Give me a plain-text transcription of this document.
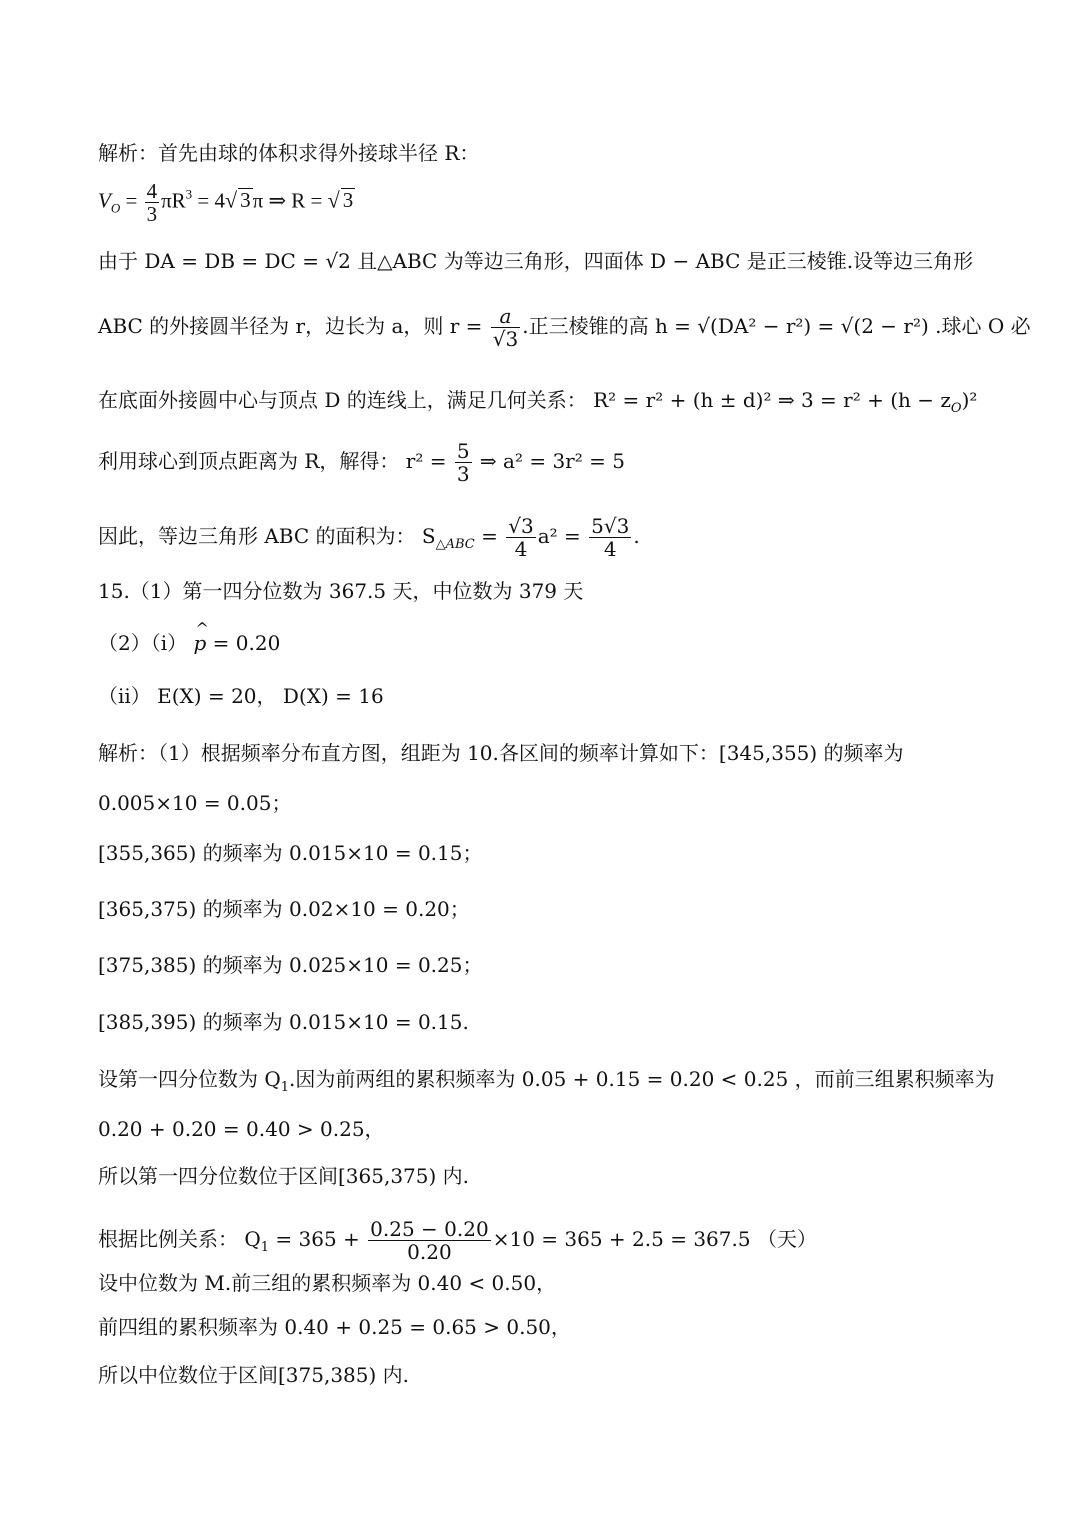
解析：首先由球的体积求得外接球半径 R：
$V_O = \frac{4}{3} \pi R^3 = 4√$ 3π ⇒ R = √ 3
由于 DA = DB = DC = √2 且△ABC 为等边三角形，四面体 D − ABC 是正三棱锥.设等边三角形
ABC 的外接圆半径为 r，边长为 a，则 $r = \frac{a}{√3}$ .正三棱锥的高 h = √(DA² − r²) = √(2 − r²) .球心 O 必
在底面外接圆中心与顶点 D 的连线上，满足几何关系： R² = r² + (h ± d)² ⇒ $3 = r^2 + (h - z_O)^2$
利用球心到顶点距离为 R，解得： $r^2 = \frac{5}{3}$ ⇒ a² = 3r² = 5
因此，等边三角形 ABC 的面积为： $S_{\triangle ABC} = \frac{√3}{4} a^2 = \frac{5√3}{4}$ .
15.（1）第一四分位数为 367.5 天，中位数为 379 天
（2）（i） ^ p = 0.20
（ii） E(X) = 20， D(X) = 16
解析：（1）根据频率分布直方图，组距为 10.各区间的频率计算如下：[345,355) 的频率为
0.005×10 = 0.05；
[355,365) 的频率为 0.015×10 = 0.15；
[365,375) 的频率为 0.02×10 = 0.20；
[375,385) 的频率为 0.025×10 = 0.25；
[385,395) 的频率为 0.015×10 = 0.15.
设第一四分位数为 $Q_1$.因为前两组的累积频率为 0.05 + 0.15 = 0.20 < 0.25 ，而前三组累积频率为
0.20 + 0.20 = 0.40 > 0.25，
所以第一四分位数位于区间[365,375) 内.
根据比例关系： $Q_1 = 365 + \frac{0.25 - 0.20}{0.20} \times 10 = 365 + 2.5 = 367.5$ （天）
设中位数为 M.前三组的累积频率为 0.40 < 0.50，
前四组的累积频率为 0.40 + 0.25 = 0.65 > 0.50，
所以中位数位于区间[375,385) 内.
